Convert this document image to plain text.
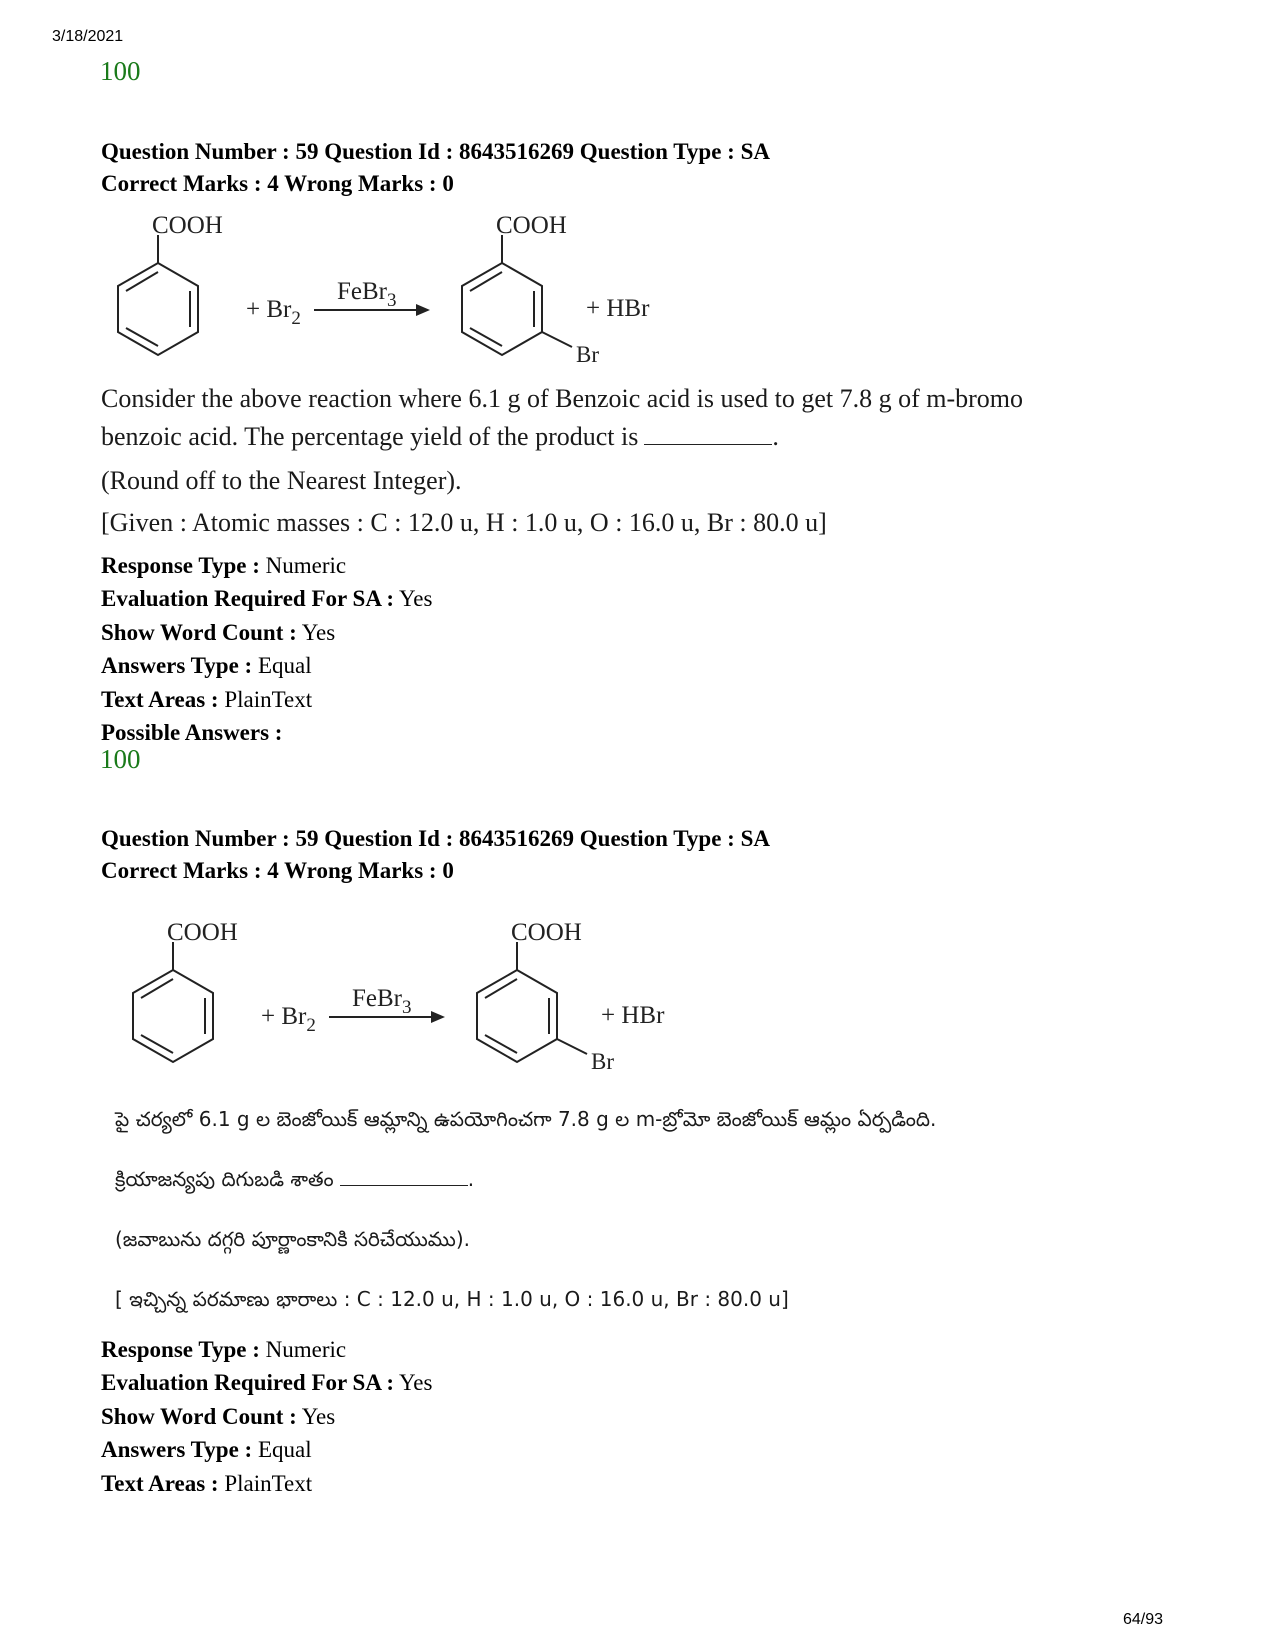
3/18/2021
64/93
100
Question Number : 59 Question Id : 8643516269 Question Type : SA
Correct Marks : 4 Wrong Marks : 0
COOH
+ $Br_2$
FeBr$_3$
COOH
Br
+ HBr

Consider the above reaction where 6.1 g of Benzoic acid is used to get 7.8 g of m-bromo

benzoic acid. The percentage yield of the product is	.

(Round off to the Nearest Integer).

[Given : Atomic masses : C : 12.0 u, H : 1.0 u, O : 16.0 u, Br : 80.0 u]

Response Type : Numeric
Evaluation Required For SA : Yes
Show Word Count : Yes
Answers Type : Equal
Text Areas : PlainText
Possible Answers :
100
Question Number : 59 Question Id : 8643516269 Question Type : SA
Correct Marks : 4 Wrong Marks : 0
COOH
+ $Br_2$
FeBr$_3$
COOH
Br
+ HBr

పై చర్యలో 6.1 g ల బెంజోయిక్ ఆమ్లాన్ని ఉపయోగించగా 7.8 g ల m-బ్రోమో బెంజోయిక్ ఆమ్లం ఏర్పడింది.

క్రియాజన్యపు దిగుబడి శాతం	.

(జవాబును దగ్గరి పూర్ణాంకానికి సరిచేయుము).

[ ఇచ్చిన్న పరమాణు భారాలు : C : 12.0 u, H : 1.0 u, O : 16.0 u, Br : 80.0 u]

Response Type : Numeric
Evaluation Required For SA : Yes
Show Word Count : Yes
Answers Type : Equal
Text Areas : PlainText
